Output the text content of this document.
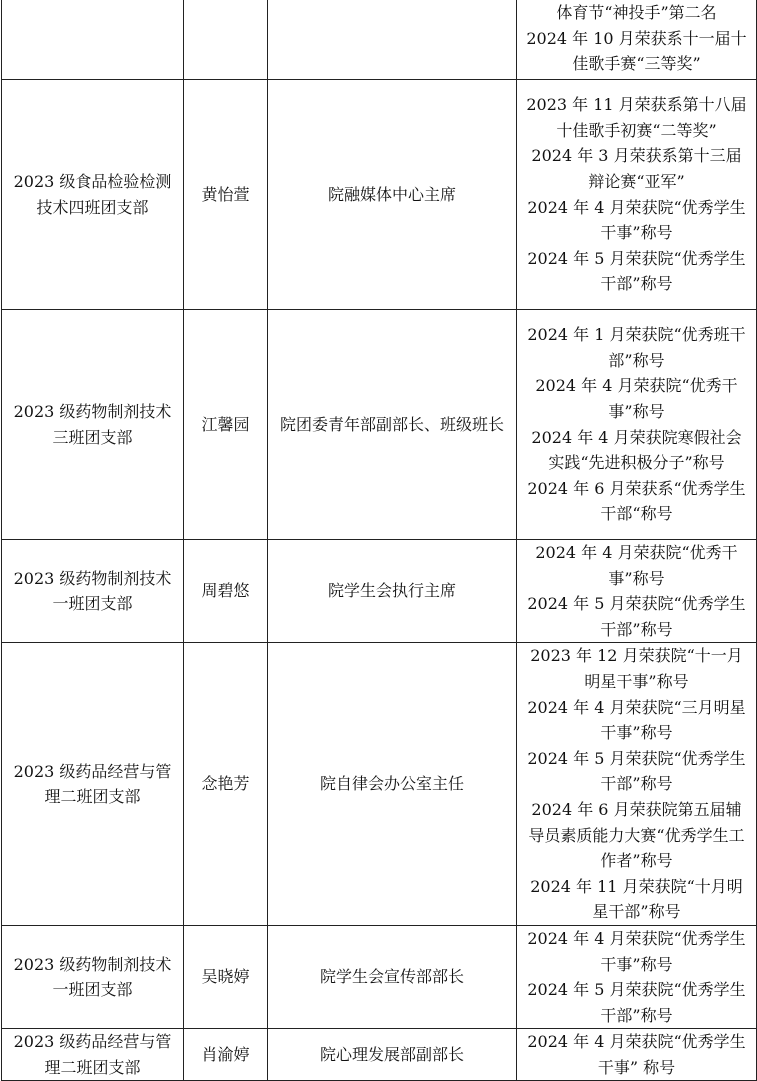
			体育节“神投手”第二名
2024 年 10 月荣获系十一届十佳歌手赛“三等奖”

2023 级食品检验检测技术四班团支部	黄怡萱	院融媒体中心主席	2023 年 11 月荣获系第十八届十佳歌手初赛“二等奖”
2024 年 3 月荣获系第十三届辩论赛“亚军”
2024 年 4 月荣获院“优秀学生干事”称号
2024 年 5 月荣获院“优秀学生干部”称号

2023 级药物制剂技术三班团支部	江馨园	院团委青年部副部长、班级班长	2024 年 1 月荣获院“优秀班干部”称号
2024 年 4 月荣获院“优秀干事”称号
2024 年 4 月荣获院寒假社会实践“先进积极分子”称号
2024 年 6 月荣获系“优秀学生干部“称号

2023 级药物制剂技术一班团支部	周碧悠	院学生会执行主席	2024 年 4 月荣获院“优秀干事”称号
2024 年 5 月荣获院“优秀学生干部”称号

2023 级药品经营与管理二班团支部	念艳芳	院自律会办公室主任	2023 年 12 月荣获院“十一月明星干事”称号
2024 年 4 月荣获院“三月明星干事”称号
2024 年 5 月荣获院“优秀学生干部”称号
2024 年 6 月荣获院第五届辅导员素质能力大赛“优秀学生工作者”称号
2024 年 11 月荣获院“十月明星干部”称号

2023 级药物制剂技术一班团支部	吴晓婷	院学生会宣传部部长	2024 年 4 月荣获院“优秀学生干事”称号
2024 年 5 月荣获院“优秀学生干部”称号

2023 级药品经营与管理二班团支部	肖渝婷	院心理发展部副部长	2024 年 4 月荣获院“优秀学生干事” 称号
